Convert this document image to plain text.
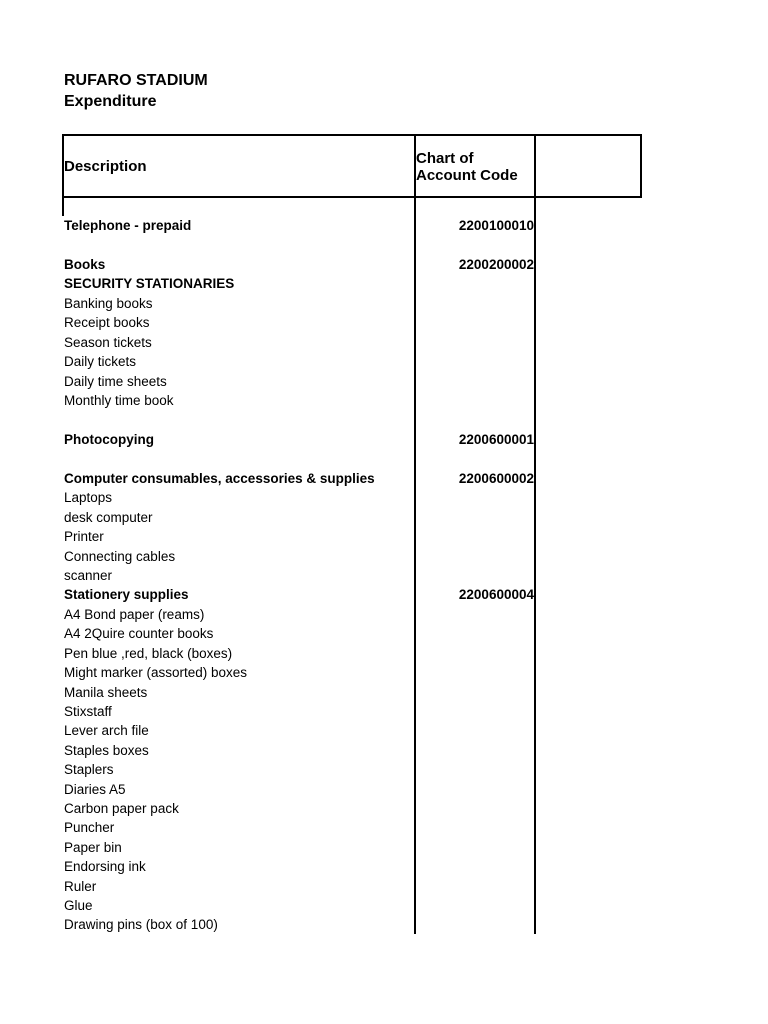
RUFARO STADIUM
Expenditure
Description	Chart of
Account Code
Telephone - prepaid	2200100010
Books	2200200002
SECURITY STATIONARIES
Banking books
Receipt books
Season tickets
Daily tickets
Daily time sheets
Monthly time book
Photocopying	2200600001
Computer consumables, accessories & supplies	2200600002
Laptops
desk computer
Printer
Connecting cables
scanner
Stationery supplies	2200600004
A4 Bond paper (reams)
A4 2Quire counter books
Pen blue ,red, black (boxes)
Might marker (assorted) boxes
Manila sheets
Stixstaff
Lever arch file
Staples boxes
Staplers
Diaries A5
Carbon paper pack
Puncher
Paper bin
Endorsing ink
Ruler
Glue
Drawing pins (box of 100)
